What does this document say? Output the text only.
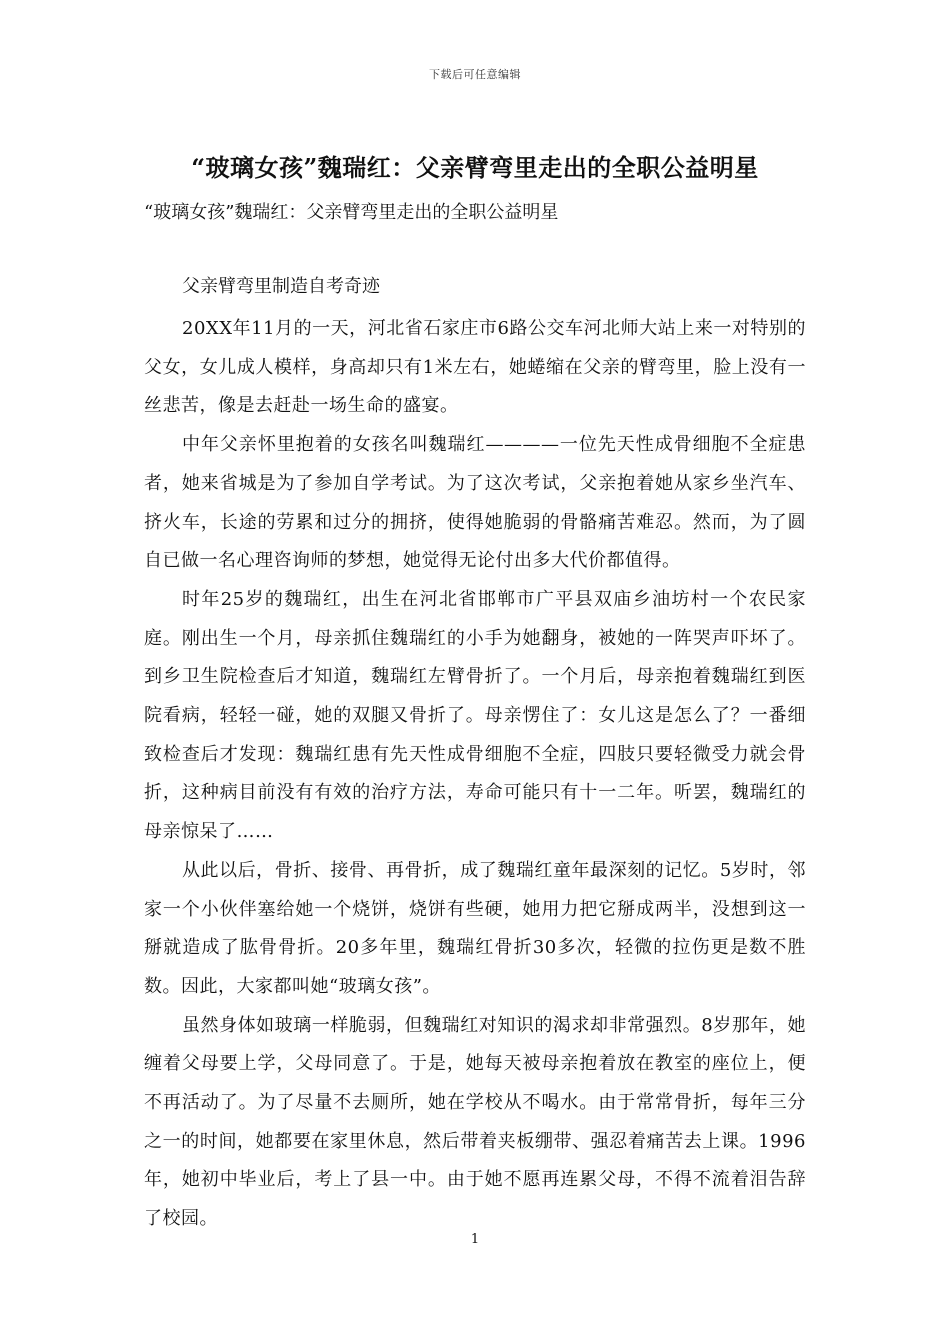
下载后可任意编辑
“玻璃女孩”魏瑞红：父亲臂弯里走出的全职公益明星

“玻璃女孩”魏瑞红：父亲臂弯里走出的全职公益明星

父亲臂弯里制造自考奇迹

20XX年11月的一天，河北省石家庄市6路公交车河北师大站上来一对特别的父女，女儿成人模样，身高却只有1米左右，她蜷缩在父亲的臂弯里，脸上没有一丝悲苦，像是去赶赴一场生命的盛宴。

中年父亲怀里抱着的女孩名叫魏瑞红————一位先天性成骨细胞不全症患者，她来省城是为了参加自学考试。为了这次考试，父亲抱着她从家乡坐汽车、挤火车，长途的劳累和过分的拥挤，使得她脆弱的骨骼痛苦难忍。然而，为了圆自已做一名心理咨询师的梦想，她觉得无论付出多大代价都值得。

时年25岁的魏瑞红，出生在河北省邯郸市广平县双庙乡油坊村一个农民家庭。刚出生一个月，母亲抓住魏瑞红的小手为她翻身，被她的一阵哭声吓坏了。到乡卫生院检查后才知道，魏瑞红左臂骨折了。一个月后，母亲抱着魏瑞红到医院看病，轻轻一碰，她的双腿又骨折了。母亲愣住了：女儿这是怎么了？一番细致检查后才发现：魏瑞红患有先天性成骨细胞不全症，四肢只要轻微受力就会骨折，这种病目前没有有效的治疗方法，寿命可能只有十一二年。听罢，魏瑞红的母亲惊呆了……

从此以后，骨折、接骨、再骨折，成了魏瑞红童年最深刻的记忆。5岁时，邻家一个小伙伴塞给她一个烧饼，烧饼有些硬，她用力把它掰成两半，没想到这一掰就造成了肱骨骨折。20多年里，魏瑞红骨折30多次，轻微的拉伤更是数不胜数。因此，大家都叫她“玻璃女孩”。

虽然身体如玻璃一样脆弱，但魏瑞红对知识的渴求却非常强烈。8岁那年，她缠着父母要上学，父母同意了。于是，她每天被母亲抱着放在教室的座位上，便不再活动了。为了尽量不去厕所，她在学校从不喝水。由于常常骨折，每年三分之一的时间，她都要在家里休息，然后带着夹板绷带、强忍着痛苦去上课。1996年，她初中毕业后，考上了县一中。由于她不愿再连累父母，不得不流着泪告辞了校园。

1
